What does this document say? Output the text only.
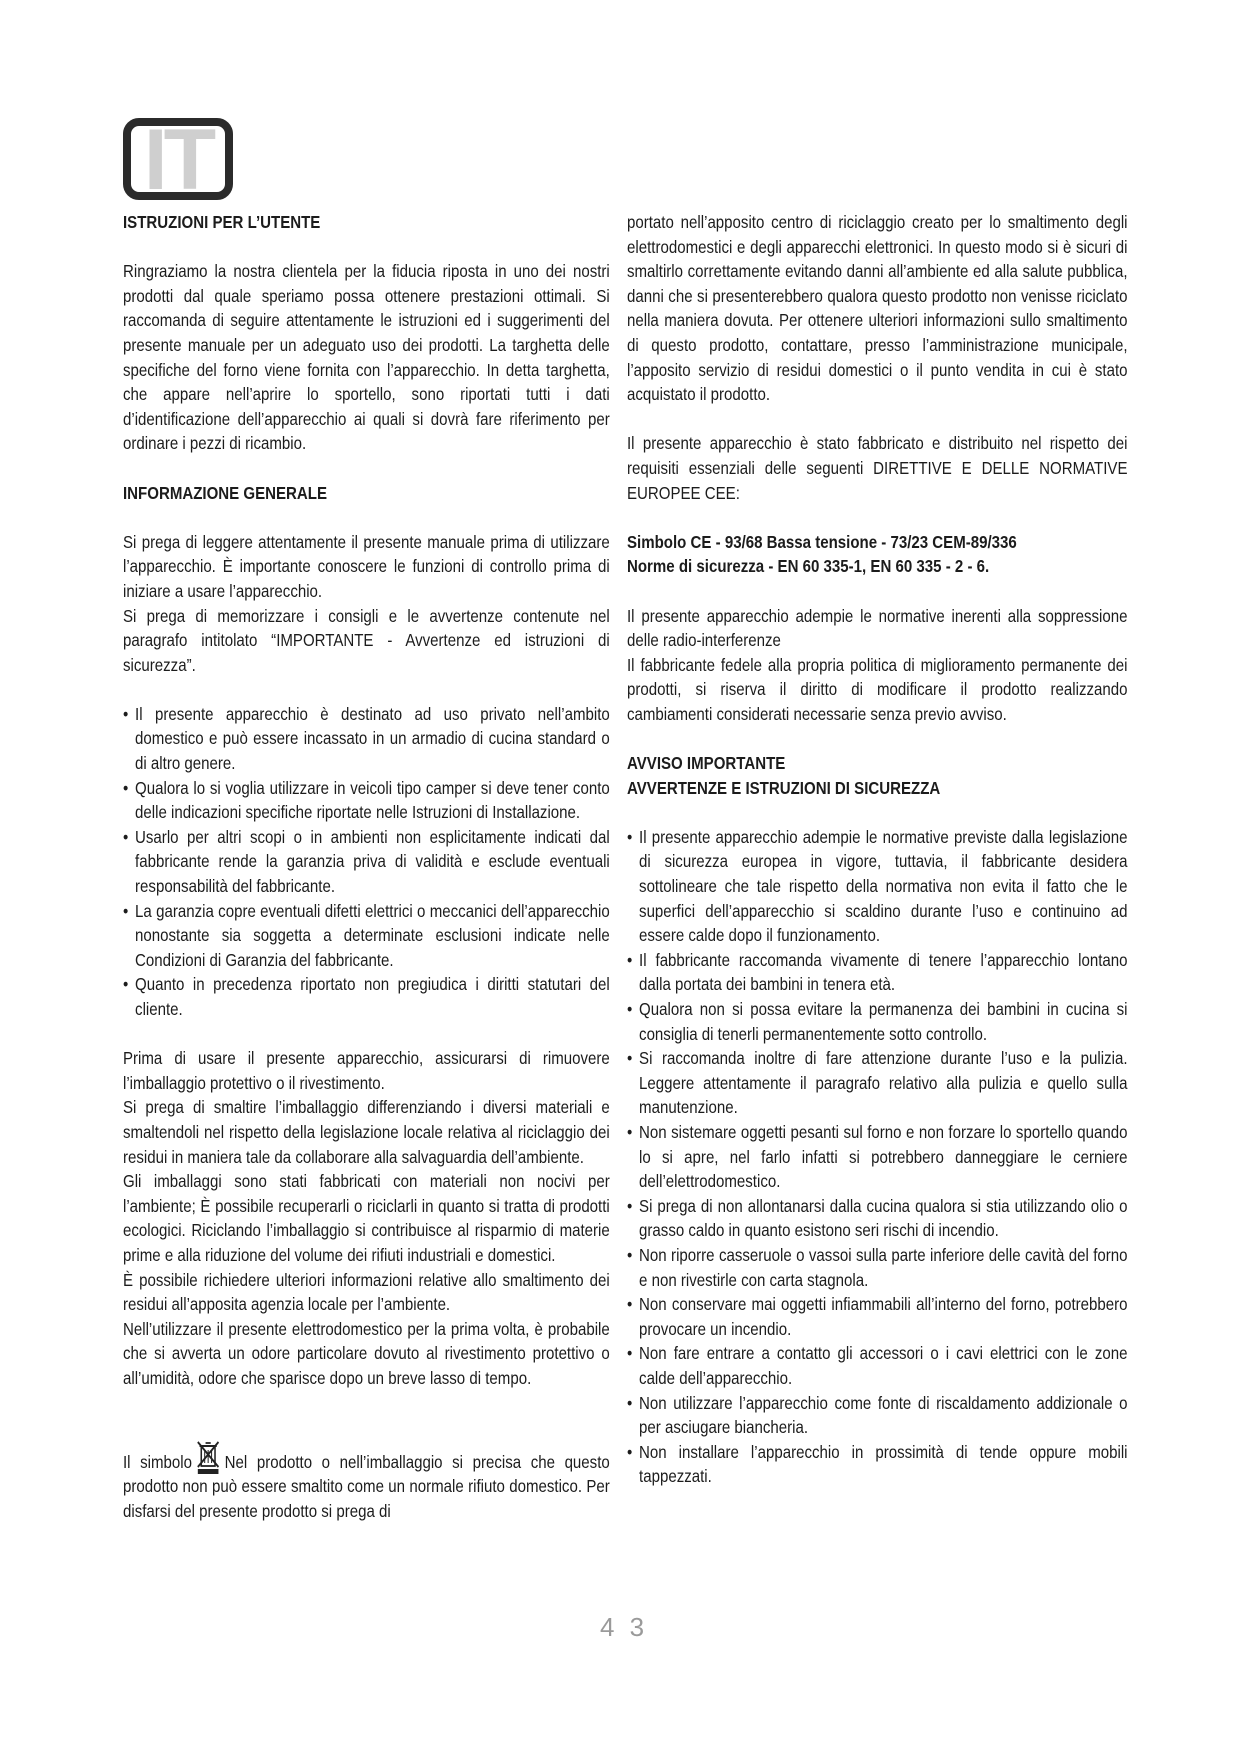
IT

ISTRUZIONI PER L’UTENTE

Ringraziamo la nostra clientela per la fiducia riposta in uno dei nostri prodotti dal quale speriamo possa ottenere prestazioni ottimali. Si raccomanda di seguire attentamente le istruzioni ed i suggerimenti del presente manuale per un adeguato uso dei prodotti. La targhetta delle specifiche del forno viene fornita con l’apparecchio. In detta targhetta, che appare nell’aprire lo sportello, sono riportati tutti i dati d’identificazione dell’apparecchio ai quali si dovrà fare riferimento per ordinare i pezzi di ricambio.

INFORMAZIONE GENERALE

Si prega di leggere attentamente il presente manuale prima di utilizzare l’apparecchio. È importante conoscere le funzioni di controllo prima di iniziare a usare l’apparecchio.

Si prega di memorizzare i consigli e le avvertenze contenute nel paragrafo intitolato “IMPORTANTE - Avvertenze ed istruzioni di sicurezza”.

• Il presente apparecchio è destinato ad uso privato nell’ambito domestico e può essere incassato in un armadio di cucina standard o di altro genere.

• Qualora lo si voglia utilizzare in veicoli tipo camper si deve tener conto delle indicazioni specifiche riportate nelle Istruzioni di Installazione.

• Usarlo per altri scopi o in ambienti non esplicitamente indicati dal fabbricante rende la garanzia priva di validità e esclude eventuali responsabilità del fabbricante.

• La garanzia copre eventuali difetti elettrici o meccanici dell’apparecchio nonostante sia soggetta a determinate esclusioni indicate nelle Condizioni di Garanzia del fabbricante.

• Quanto in precedenza riportato non pregiudica i diritti statutari del cliente.

Prima di usare il presente apparecchio, assicurarsi di rimuovere l’imballaggio protettivo o il rivestimento.

Si prega di smaltire l’imballaggio differenziando i diversi materiali e smaltendoli nel rispetto della legislazione locale relativa al riciclaggio dei residui in maniera tale da collaborare alla salvaguardia dell’ambiente.

Gli imballaggi sono stati fabbricati con materiali non nocivi per l’ambiente; È possibile recuperarli o riciclarli in quanto si tratta di prodotti ecologici. Riciclando l’imballaggio si contribuisce al risparmio di materie prime e alla riduzione del volume dei rifiuti industriali e domestici.

È possibile richiedere ulteriori informazioni relative allo smaltimento dei residui all’apposita agenzia locale per l’ambiente.

Nell’utilizzare il presente elettrodomestico per la prima volta, è probabile che si avverta un odore particolare dovuto al rivestimento protettivo o all’umidità, odore che sparisce dopo un breve lasso di tempo.

Il simbolo Nel prodotto o nell’imballaggio si precisa che questo prodotto non può essere smaltito come un normale rifiuto domestico. Per disfarsi del presente prodotto si prega di

portato nell’apposito centro di riciclaggio creato per lo smaltimento degli elettrodomestici e degli apparecchi elettronici. In questo modo si è sicuri di smaltirlo correttamente evitando danni all’ambiente ed alla salute pubblica, danni che si presenterebbero qualora questo prodotto non venisse riciclato nella maniera dovuta. Per ottenere ulteriori informazioni sullo smaltimento di questo prodotto, contattare, presso l’amministrazione municipale, l’apposito servizio di residui domestici o il punto vendita in cui è stato acquistato il prodotto.

Il presente apparecchio è stato fabbricato e distribuito nel rispetto dei requisiti essenziali delle seguenti DIRETTIVE E DELLE NORMATIVE EUROPEE CEE:

Simbolo CE - 93/68 Bassa tensione - 73/23 CEM-89/336

Norme di sicurezza - EN 60 335-1, EN 60 335 - 2 - 6.

Il presente apparecchio adempie le normative inerenti alla soppressione delle radio-interferenze

Il fabbricante fedele alla propria politica di miglioramento permanente dei prodotti, si riserva il diritto di modificare il prodotto realizzando cambiamenti considerati necessarie senza previo avviso.

AVVISO IMPORTANTE

AVVERTENZE E ISTRUZIONI DI SICUREZZA

• Il presente apparecchio adempie le normative previste dalla legislazione di sicurezza europea in vigore, tuttavia, il fabbricante desidera sottolineare che tale rispetto della normativa non evita il fatto che le superfici dell’apparecchio si scaldino durante l’uso e continuino ad essere calde dopo il funzionamento.

• Il fabbricante raccomanda vivamente di tenere l’apparecchio lontano dalla portata dei bambini in tenera età.

• Qualora non si possa evitare la permanenza dei bambini in cucina si consiglia di tenerli permanentemente sotto controllo.

• Si raccomanda inoltre di fare attenzione durante l’uso e la pulizia. Leggere attentamente il paragrafo relativo alla pulizia e quello sulla manutenzione.

• Non sistemare oggetti pesanti sul forno e non forzare lo sportello quando lo si apre, nel farlo infatti si potrebbero danneggiare le cerniere dell’elettrodomestico.

• Si prega di non allontanarsi dalla cucina qualora si stia utilizzando olio o grasso caldo in quanto esistono seri rischi di incendio.

• Non riporre casseruole o vassoi sulla parte inferiore delle cavità del forno e non rivestirle con carta stagnola.

• Non conservare mai oggetti infiammabili all’interno del forno, potrebbero provocare un incendio.

• Non fare entrare a contatto gli accessori o i cavi elettrici con le zone calde dell’apparecchio.

• Non utilizzare l’apparecchio come fonte di riscaldamento addizionale o per asciugare biancheria.

• Non installare l’apparecchio in prossimità di tende oppure mobili tappezzati.

4 3
